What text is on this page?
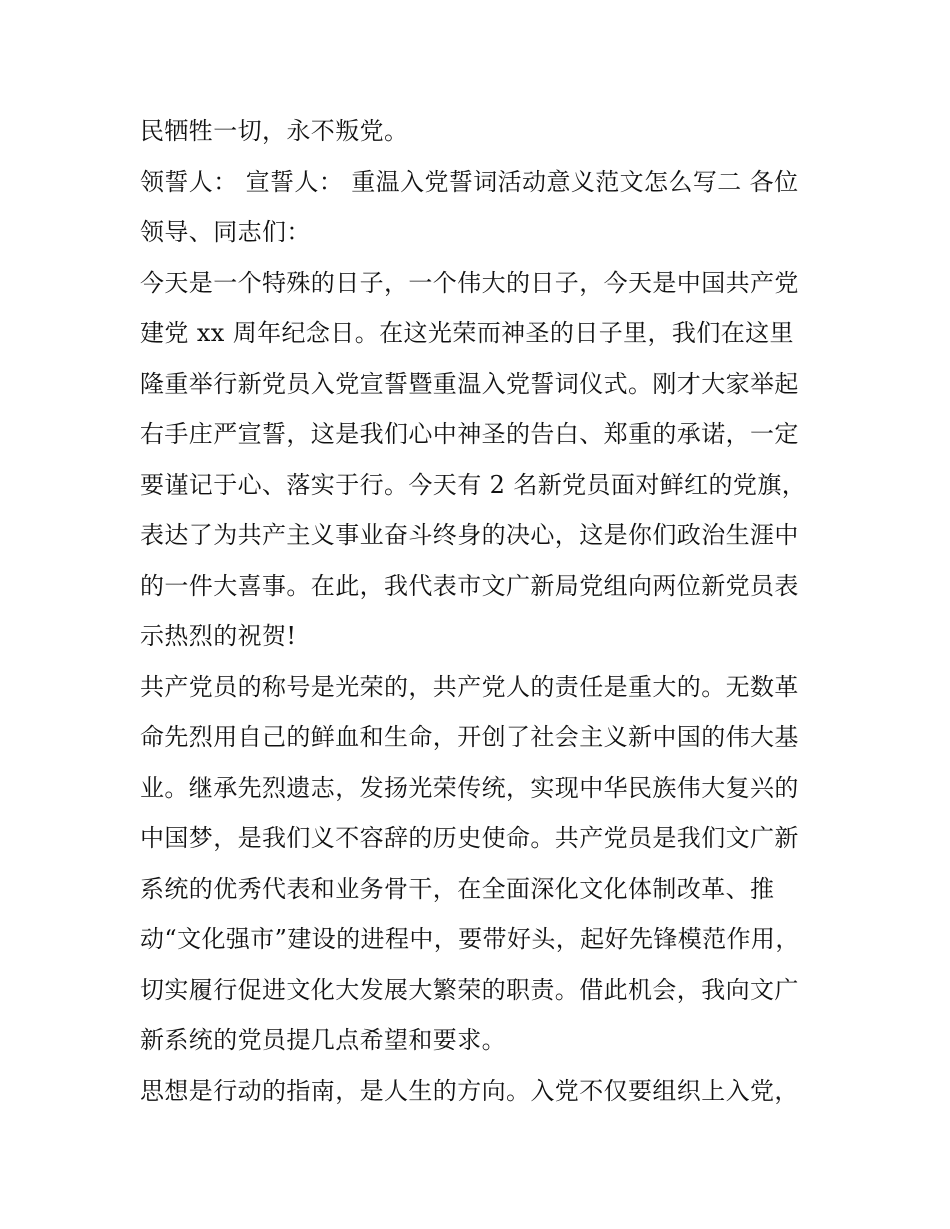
民牺牲一切，永不叛党。
领誓人： 宣誓人： 重温入党誓词活动意义范文怎么写二 各位
领导、同志们：
今天是一个特殊的日子，一个伟大的日子，今天是中国共产党
建党 xx 周年纪念日。在这光荣而神圣的日子里，我们在这里
隆重举行新党员入党宣誓暨重温入党誓词仪式。刚才大家举起
右手庄严宣誓，这是我们心中神圣的告白、郑重的承诺，一定
要谨记于心、落实于行。今天有 2 名新党员面对鲜红的党旗，
表达了为共产主义事业奋斗终身的决心，这是你们政治生涯中
的一件大喜事。在此，我代表市文广新局党组向两位新党员表
示热烈的祝贺!
共产党员的称号是光荣的，共产党人的责任是重大的。无数革
命先烈用自己的鲜血和生命，开创了社会主义新中国的伟大基
业。继承先烈遗志，发扬光荣传统，实现中华民族伟大复兴的
中国梦，是我们义不容辞的历史使命。共产党员是我们文广新
系统的优秀代表和业务骨干，在全面深化文化体制改革、推
动“文化强市”建设的进程中，要带好头，起好先锋模范作用，
切实履行促进文化大发展大繁荣的职责。借此机会，我向文广
新系统的党员提几点希望和要求。
思想是行动的指南，是人生的方向。入党不仅要组织上入党，
